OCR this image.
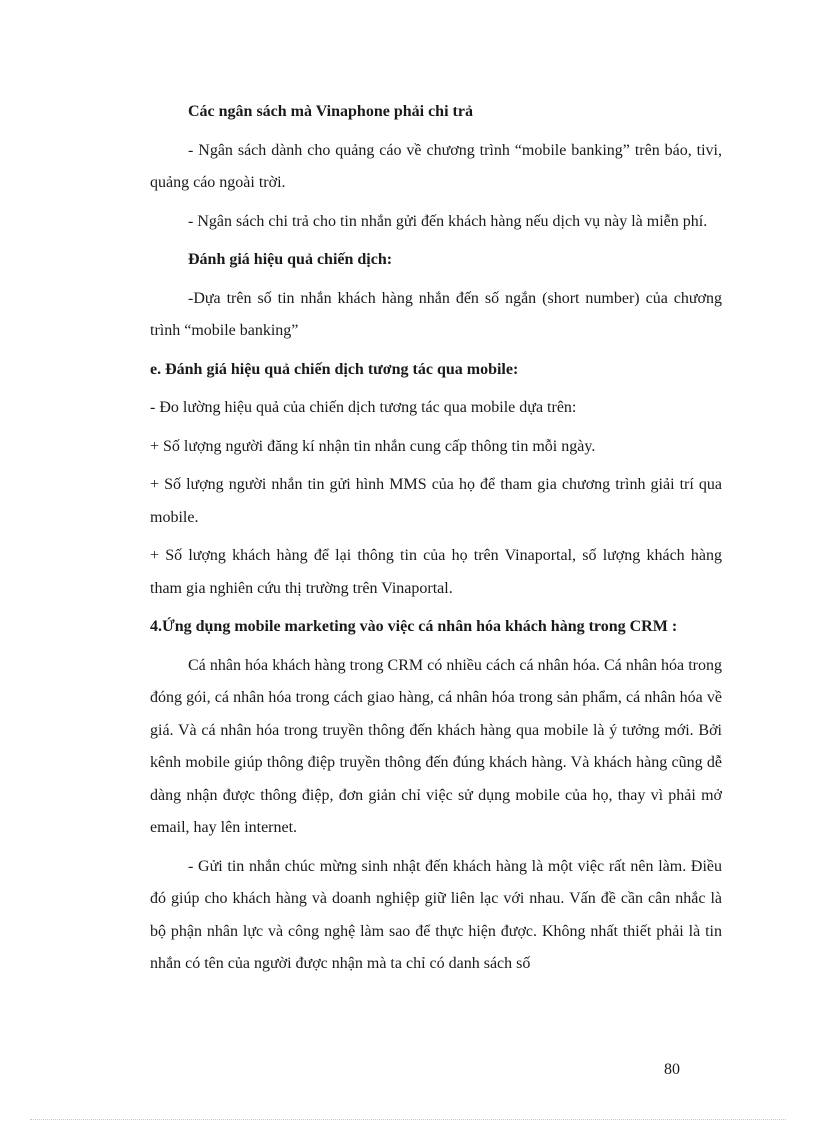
Các ngân sách mà Vinaphone phải chi trả

- Ngân sách dành cho quảng cáo về chương trình “mobile banking” trên báo, tivi, quảng cáo ngoài trời.

- Ngân sách chi trả cho tin nhắn gửi đến khách hàng nếu dịch vụ này là miễn phí.

Đánh giá hiệu quả chiến dịch:

-Dựa trên số tin nhắn khách hàng nhắn đến số ngắn (short number) của chương trình “mobile banking”

e. Đánh giá hiệu quả chiến dịch tương tác qua mobile:

- Đo lường hiệu quả của chiến dịch tương tác qua mobile dựa trên:

+ Số lượng người đăng kí nhận tin nhắn cung cấp thông tin mỗi ngày.

+ Số lượng người nhắn tin gửi hình MMS của họ để tham gia chương trình giải trí qua mobile.

+ Số lượng khách hàng để lại thông tin của họ trên Vinaportal, số lượng khách hàng tham gia nghiên cứu thị trường trên Vinaportal.

4.Ứng dụng mobile marketing vào việc cá nhân hóa khách hàng trong CRM :

Cá nhân hóa khách hàng trong CRM có nhiều cách cá nhân hóa. Cá nhân hóa trong đóng gói, cá nhân hóa trong cách giao hàng, cá nhân hóa trong sản phẩm, cá nhân hóa về giá. Và cá nhân hóa trong truyền thông đến khách hàng qua mobile là ý tưởng mới. Bởi kênh mobile giúp thông điệp truyền thông đến đúng khách hàng. Và khách hàng cũng dễ dàng nhận được thông điệp, đơn giản chỉ việc sử dụng mobile của họ, thay vì phải mở email, hay lên internet.

- Gửi tin nhắn chúc mừng sinh nhật đến khách hàng là một việc rất nên làm. Điều đó giúp cho khách hàng và doanh nghiệp giữ liên lạc với nhau. Vấn đề cần cân nhắc là bộ phận nhân lực và công nghệ làm sao để thực hiện được. Không nhất thiết phải là tin nhắn có tên của người được nhận mà ta chỉ có danh sách số

80
